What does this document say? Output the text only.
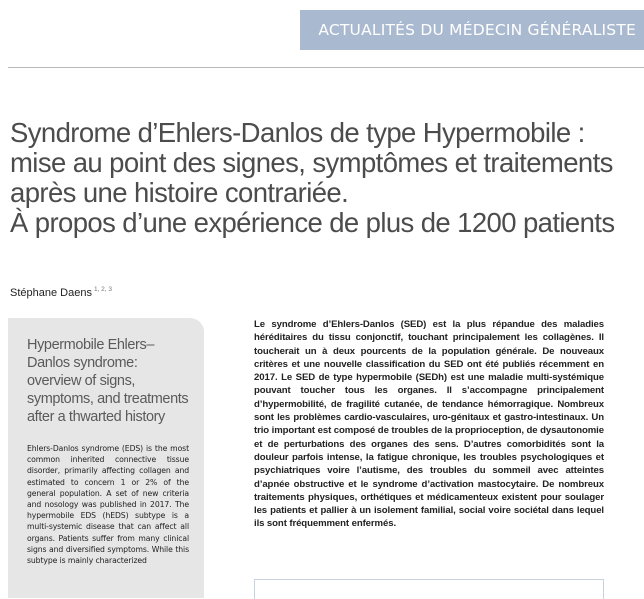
ACTUALITÉS DU MÉDECIN GÉNÉRALISTE
Syndrome d’Ehlers-Danlos de type Hypermobile :
mise au point des signes, symptômes et traitements
après une histoire contrariée.
À propos d’une expérience de plus de 1200 patients
Stéphane Daens $^{1, 2, 3}$
Hypermobile Ehlers–
Danlos syndrome:
overview of signs,
symptoms, and treatments
after a thwarted history
Ehlers-Danlos syndrome (EDS) is the most common inherited connective tissue disorder, primarily affecting collagen and estimated to concern 1 or 2% of the general population. A set of new criteria and nosology was published in 2017. The hypermobile EDS (hEDS) subtype is a multi-systemic disease that can affect all organs. Patients suffer from many clinical signs and diversified symptoms. While this subtype is mainly characterized

Le syndrome d’Ehlers-Danlos (SED) est la plus répandue des maladies héréditaires du tissu conjonctif, touchant principalement les collagènes. Il toucherait un à deux pourcents de la population générale. De nouveaux critères et une nouvelle classification du SED ont été publiés récemment en 2017. Le SED de type hypermobile (SEDh) est une maladie multi-systémique pouvant toucher tous les organes. Il s’accompagne principalement d’hypermobilité, de fragilité cutanée, de tendance hémorragique. Nombreux sont les problèmes cardio-vasculaires, uro-génitaux et gastro-intestinaux. Un trio important est composé de troubles de la proprioception, de dysautonomie et de perturbations des organes des sens. D’autres comorbidités sont la douleur parfois intense, la fatigue chronique, les troubles psychologiques et psychiatriques voire l’autisme, des troubles du sommeil avec atteintes d’apnée obstructive et le syndrome d’activation mastocytaire. De nombreux traitements physiques, orthétiques et médicamenteux existent pour soulager les patients et pallier à un isolement familial, social voire sociétal dans lequel ils sont fréquemment enfermés.
